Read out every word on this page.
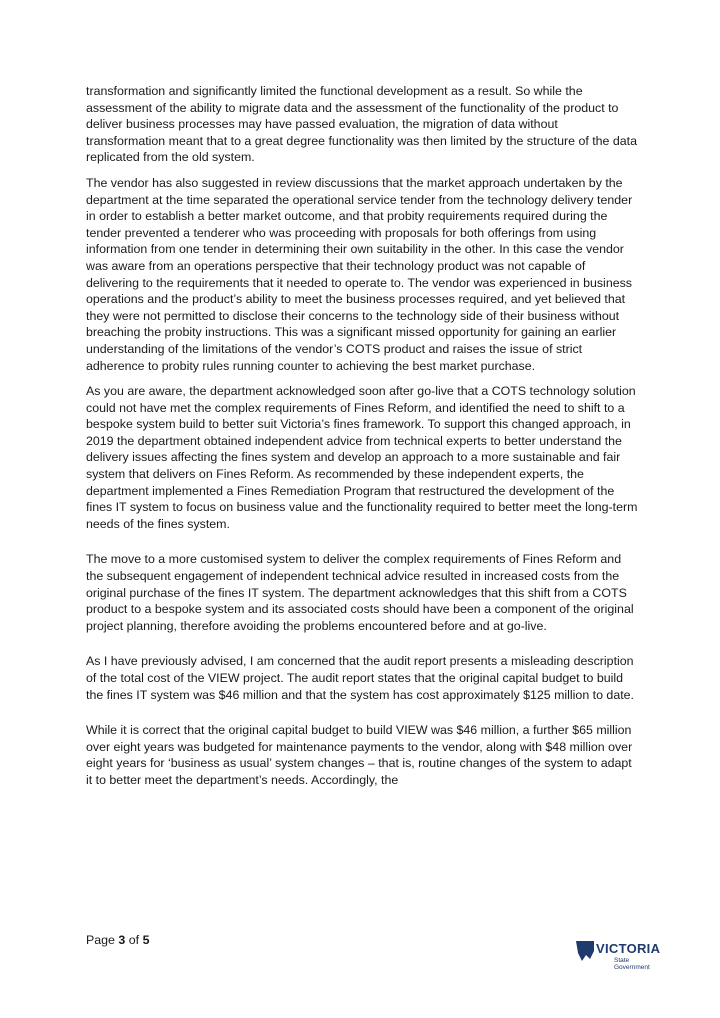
transformation and significantly limited the functional development as a result. So while the assessment of the ability to migrate data and the assessment of the functionality of the product to deliver business processes may have passed evaluation, the migration of data without transformation meant that to a great degree functionality was then limited by the structure of the data replicated from the old system.

The vendor has also suggested in review discussions that the market approach undertaken by the department at the time separated the operational service tender from the technology delivery tender in order to establish a better market outcome, and that probity requirements required during the tender prevented a tenderer who was proceeding with proposals for both offerings from using information from one tender in determining their own suitability in the other. In this case the vendor was aware from an operations perspective that their technology product was not capable of delivering to the requirements that it needed to operate to. The vendor was experienced in business operations and the product’s ability to meet the business processes required, and yet believed that they were not permitted to disclose their concerns to the technology side of their business without breaching the probity instructions. This was a significant missed opportunity for gaining an earlier understanding of the limitations of the vendor’s COTS product and raises the issue of strict adherence to probity rules running counter to achieving the best market purchase.

As you are aware, the department acknowledged soon after go-live that a COTS technology solution could not have met the complex requirements of Fines Reform, and identified the need to shift to a bespoke system build to better suit Victoria’s fines framework. To support this changed approach, in 2019 the department obtained independent advice from technical experts to better understand the delivery issues affecting the fines system and develop an approach to a more sustainable and fair system that delivers on Fines Reform. As recommended by these independent experts, the department implemented a Fines Remediation Program that restructured the development of the fines IT system to focus on business value and the functionality required to better meet the long-term needs of the fines system.

The move to a more customised system to deliver the complex requirements of Fines Reform and the subsequent engagement of independent technical advice resulted in increased costs from the original purchase of the fines IT system. The department acknowledges that this shift from a COTS product to a bespoke system and its associated costs should have been a component of the original project planning, therefore avoiding the problems encountered before and at go-live.

As I have previously advised, I am concerned that the audit report presents a misleading description of the total cost of the VIEW project. The audit report states that the original capital budget to build the fines IT system was $46 million and that the system has cost approximately $125 million to date.

While it is correct that the original capital budget to build VIEW was $46 million, a further $65 million over eight years was budgeted for maintenance payments to the vendor, along with $48 million over eight years for ‘business as usual’ system changes – that is, routine changes of the system to adapt it to better meet the department’s needs. Accordingly, the

Page 3 of 5
VICTORIA
State
Government
